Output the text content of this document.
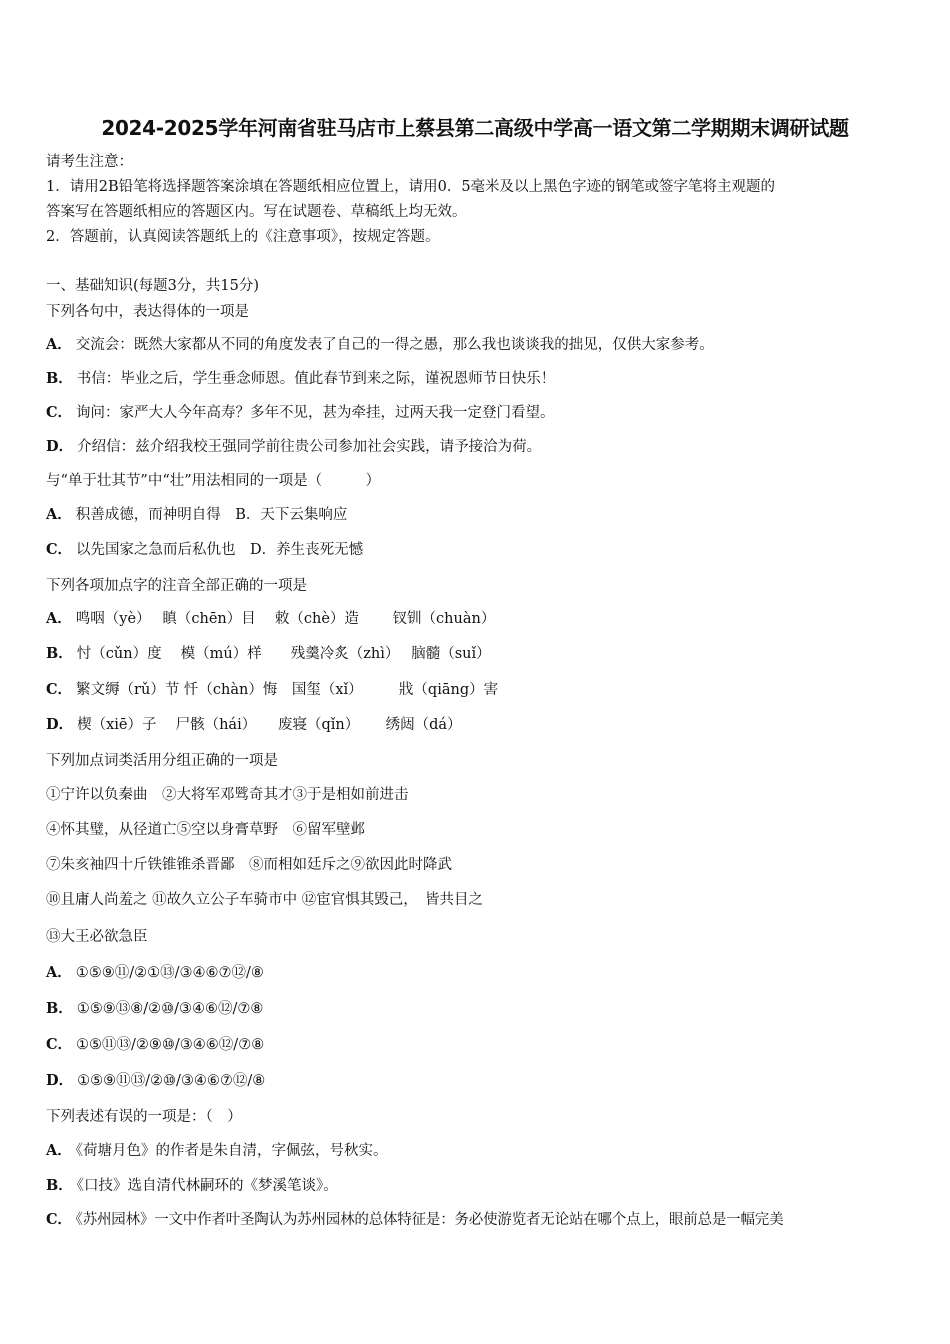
2024-2025学年河南省驻马店市上蔡县第二高级中学高一语文第二学期期末调研试题
请考生注意：
1．请用2B铅笔将选择题答案涂填在答题纸相应位置上，请用0．5毫米及以上黑色字迹的钢笔或签字笔将主观题的
答案写在答题纸相应的答题区内。写在试题卷、草稿纸上均无效。
2．答题前，认真阅读答题纸上的《注意事项》，按规定答题。
一、基础知识(每题3分，共15分)
下列各句中，表达得体的一项是
A． 交流会：既然大家都从不同的角度发表了自己的一得之愚，那么我也谈谈我的拙见，仅供大家参考。
B． 书信：毕业之后，学生垂念师恩。值此春节到来之际，谨祝恩师节日快乐！
C． 询问：家严大人今年高寿？多年不见，甚为牵挂，过两天我一定登门看望。
D． 介绍信：兹介绍我校王强同学前往贵公司参加社会实践，请予接洽为荷。
与“单于壮其节”中“壮”用法相同的一项是（　　　）
A． 积善成德，而神明自得　B．天下云集响应
C． 以先国家之急而后私仇也　D．养生丧死无憾
下列各项加点字的注音全部正确的一项是
A． 鸣咽（yè）　 瞋（chēn）目　 敕（chè）造　　 钗钏（chuàn）
B． 忖（cǔn）度　 模（mú）样　　残羹冷炙（zhì）　 脑髓（suǐ）
C． 繁文缛（rǔ）节 忏（chàn）悔　国玺（xǐ）　　　戕（qiāng）害
D． 楔（xiē）子　 尸骸（hái）　　废寝（qǐn）　　 绣闼（dá）
下列加点词类活用分组正确的一项是
①宁许以负秦曲　②大将军邓骘奇其才③于是相如前进击
④怀其璧，从径道亡⑤空以身膏草野　⑥留军壁邺
⑦朱亥袖四十斤铁锥锥杀晋鄙　⑧而相如廷斥之⑨欲因此时降武
⑩且庸人尚羞之 ⑪故久立公子车骑市中 ⑫宦官惧其毁己，　皆共目之
⑬大王必欲急臣
A． ①⑤⑨⑪/②①⑬/③④⑥⑦⑫/⑧
B． ①⑤⑨⑬⑧/②⑩/③④⑥⑫/⑦⑧
C． ①⑤⑪⑬/②⑨⑩/③④⑥⑫/⑦⑧
D． ①⑤⑨⑪⑬/②⑩/③④⑥⑦⑫/⑧
下列表述有误的一项是：（　）
A． 《荷塘月色》的作者是朱自清，字佩弦，号秋实。
B． 《口技》选自清代林嗣环的《梦溪笔谈》。
C． 《苏州园林》一文中作者叶圣陶认为苏州园林的总体特征是：务必使游览者无论站在哪个点上，眼前总是一幅完美
